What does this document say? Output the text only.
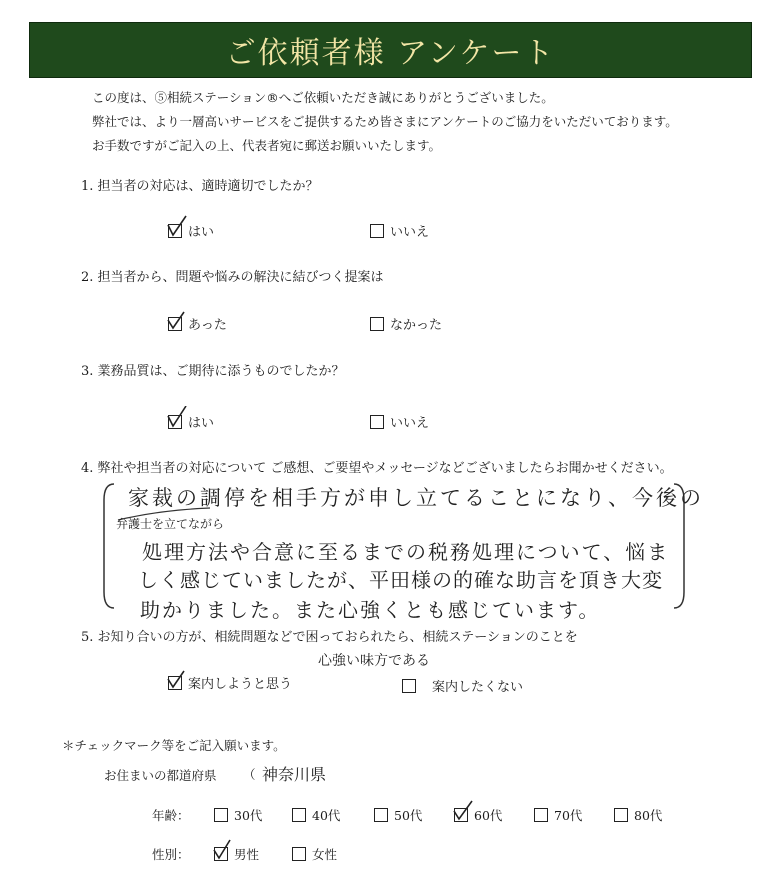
ご依頼者様 アンケート
この度は、⑤相続ステーション®へご依頼いただき誠にありがとうございました。
弊社では、より一層高いサービスをご提供するため皆さまにアンケートのご協力をいただいております。
お手数ですがご記入の上、代表者宛に郵送お願いいたします。
1. 担当者の対応は、適時適切でしたか？
はい	いいえ
2. 担当者から、問題や悩みの解決に結びつく提案は
あった	なかった
3. 業務品質は、ご期待に添うものでしたか？
はい	いいえ
4. 弊社や担当者の対応について ご感想、ご要望やメッセージなどございましたらお聞かせください。
家裁の調停を相手方が申し立てることになり、今後の
弁護士を立てながら
処理方法や合意に至るまでの税務処理について、悩ま
しく感じていましたが、平田様の的確な助言を頂き大変
助かりました。また心強くとも感じています。
5. お知り合いの方が、相続問題などで困っておられたら、相続ステーションのことを
心強い味方である
案内しようと思う	案内したくない
＊チェックマーク等をご記入願います。
お住まいの都道府県 （ 神奈川県
年齢：	30代	40代	50代	60代	70代	80代
性別：	男性	女性
